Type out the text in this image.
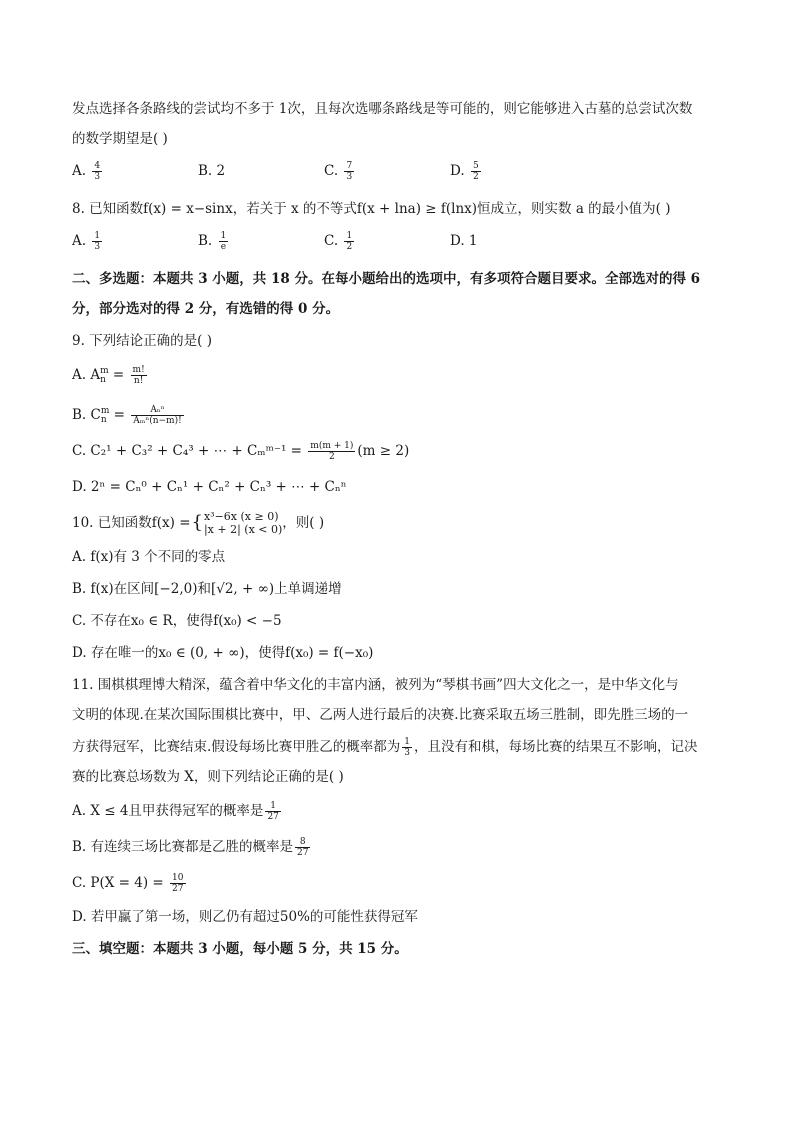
发点选择各条路线的尝试均不多于 1次，且每次选哪条路线是等可能的，则它能够进入古墓的总尝试次数
的数学期望是( )
A. $\frac{4}{3}$	B. 2	C. $\frac{7}{3}$	D. $\frac{5}{2}$
8. 已知函数f(x) = x−sinx，若关于 x 的不等式f(x + lna) ≥ f(lnx)恒成立，则实数 a 的最小值为( )
A. $\frac{1}{3}$	B. $\frac{1}{e}$	C. $\frac{1}{2}$	D. 1
二、多选题：本题共 3 小题，共 18 分。在每小题给出的选项中，有多项符合题目要求。全部选对的得 6
分，部分选对的得 2 分，有选错的得 0 分。
9. 下列结论正确的是( )
A. A m
$n = \frac{m!}{n!}$
B. C m
$n = \frac{\text{Aₙⁿ}}{\text{Aₘⁿ(n−m)!}}$
C. C₂¹ + C₃² + C₄³ + ⋯ + Cₘᵐ⁻¹ = $\frac{m(m + 1)}{2} (m \ge 2)$
D. 2ⁿ = Cₙ⁰ + Cₙ¹ + Cₙ² + Cₙ³ + ⋯ + Cₙⁿ
10. 已知函数f(x) = { x³−6x (x ≥ 0)
|x + 2| (x < 0) ，则( )
A. f(x)有 3 个不同的零点
B. f(x)在区间[−2,0)和[√2, + ∞)上单调递增
C. 不存在x₀ ∈ R，使得f(x₀) < −5
D. 存在唯一的x₀ ∈ (0, + ∞)，使得f(x₀) = f(−x₀)
11. 围棋棋理博大精深，蕴含着中华文化的丰富内涵，被列为“琴棋书画”四大文化之一，是中华文化与
文明的体现.在某次国际围棋比赛中，甲、乙两人进行最后的决赛.比赛采取五场三胜制，即先胜三场的一
方获得冠军，比赛结束.假设每场比赛甲胜乙的概率都为 $\frac{1}{3}$ ，且没有和棋，每场比赛的结果互不影响，记决
赛的比赛总场数为 X，则下列结论正确的是( )
A. X ≤ 4且甲获得冠军的概率是 $\frac{1}{27}$
B. 有连续三场比赛都是乙胜的概率是 $\frac{8}{27}$
C. $P(X = 4) = \frac{10}{27}$
D. 若甲赢了第一场，则乙仍有超过50%的可能性获得冠军
三、填空题：本题共 3 小题，每小题 5 分，共 15 分。
